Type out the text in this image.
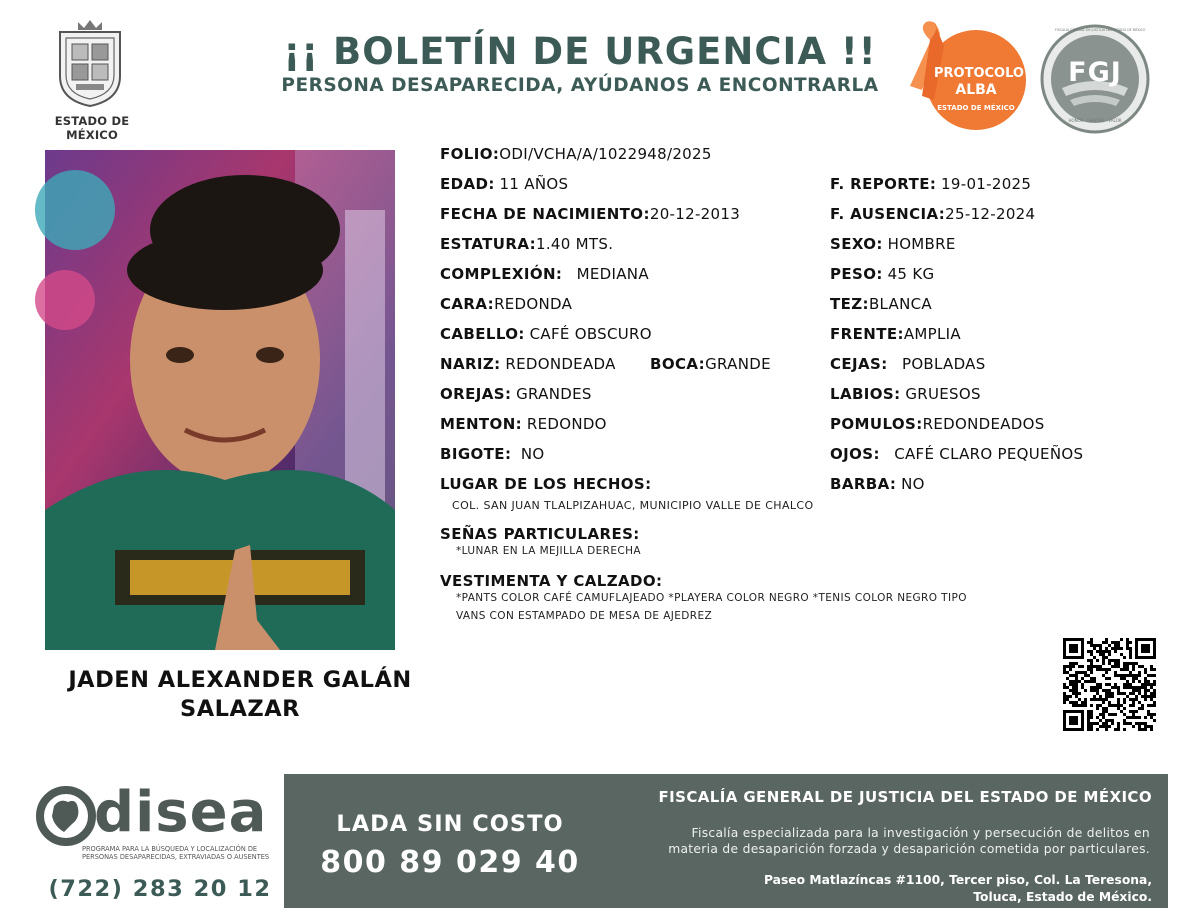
ESTADO DE MÉXICO
¡¡ BOLETÍN DE URGENCIA !!
PERSONA DESAPARECIDA, AYÚDANOS A ENCONTRARLA
PROTOCOLO
ALBA
ESTADO DE MÉXICO
FGJ
FISCALÍA GENERAL DE JUSTICIA DEL ESTADO DE MÉXICO
HONOR · LEALTAD · VALOR
JADEN ALEXANDER GALÁN
SALAZAR
FOLIO:ODI/VCHA/A/1022948/2025
EDAD: 11 AÑOS
FECHA DE NACIMIENTO:20-12-2013
ESTATURA:1.40 MTS.
COMPLEXIÓN: MEDIANA
CARA:REDONDA
CABELLO: CAFÉ OBSCURO
NARIZ: REDONDEADA BOCA:GRANDE
OREJAS: GRANDES
MENTON: REDONDO
BIGOTE: NO
LUGAR DE LOS HECHOS:
COL. SAN JUAN TLALPIZAHUAC, MUNICIPIO VALLE DE CHALCO
SEÑAS PARTICULARES:
*LUNAR EN LA MEJILLA DERECHA
VESTIMENTA Y CALZADO:
*PANTS COLOR CAFÉ CAMUFLAJEADO *PLAYERA COLOR NEGRO *TENIS COLOR NEGRO TIPO
VANS CON ESTAMPADO DE MESA DE AJEDREZ
F. REPORTE: 19-01-2025
F. AUSENCIA:25-12-2024
SEXO: HOMBRE
PESO: 45 KG
TEZ:BLANCA
FRENTE:AMPLIA
CEJAS: POBLADAS
LABIOS: GRUESOS
POMULOS:REDONDEADOS
OJOS: CAFÉ CLARO PEQUEÑOS
BARBA: NO
disea
PROGRAMA PARA LA BÚSQUEDA Y LOCALIZACIÓN DE PERSONAS DESAPARECIDAS, EXTRAVIADAS O AUSENTES
(722) 283 20 12
LADA SIN COSTO
800 89 029 40
FISCALÍA GENERAL DE JUSTICIA DEL ESTADO DE MÉXICO
Fiscalía especializada para la investigación y persecución de delitos en
materia de desaparición forzada y desaparición cometida por particulares.
Paseo Matlazíncas #1100, Tercer piso, Col. La Teresona,
Toluca, Estado de México.
